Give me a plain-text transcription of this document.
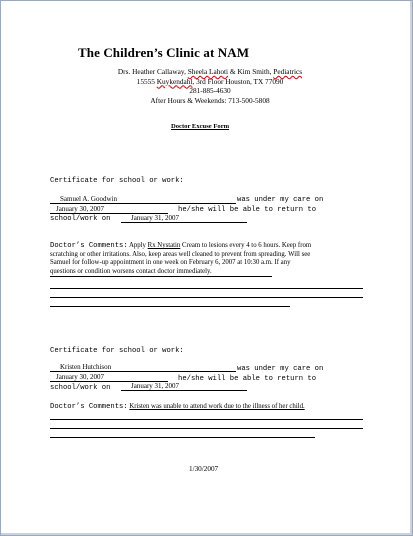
The Children’s Clinic at NAM
Drs. Heather Callaway, Sheela Lahoti & Kim Smith, Pediatrics
15555 Kuykendahl, 3rd Floor Houston, TX 77090
281-885-4630
After Hours & Weekends: 713-500-5808
Doctor Excuse Form
Certificate for school or work:
Samuel A. Goodwin	was under my care on
January 30, 2007	he/she will be able to return to
school/work on	January 31, 2007
Doctor’s Comments: Apply Rx Nystatin Cream to lesions every 4 to 6 hours. Keep from
scratching or other irritations. Also, keep areas well cleaned to prevent from spreading. Will see
Samuel for follow-up appointment in one week on February 6, 2007 at 10:30 a.m. If any
questions or condition worsens contact doctor immediately.
Certificate for school or work:
Kristen Hutchison	was under my care on
January 30, 2007	he/she will be able to return to
school/work on	January 31, 2007
Doctor’s Comments: Kristen was unable to attend work due to the illness of her child.
1/30/2007
